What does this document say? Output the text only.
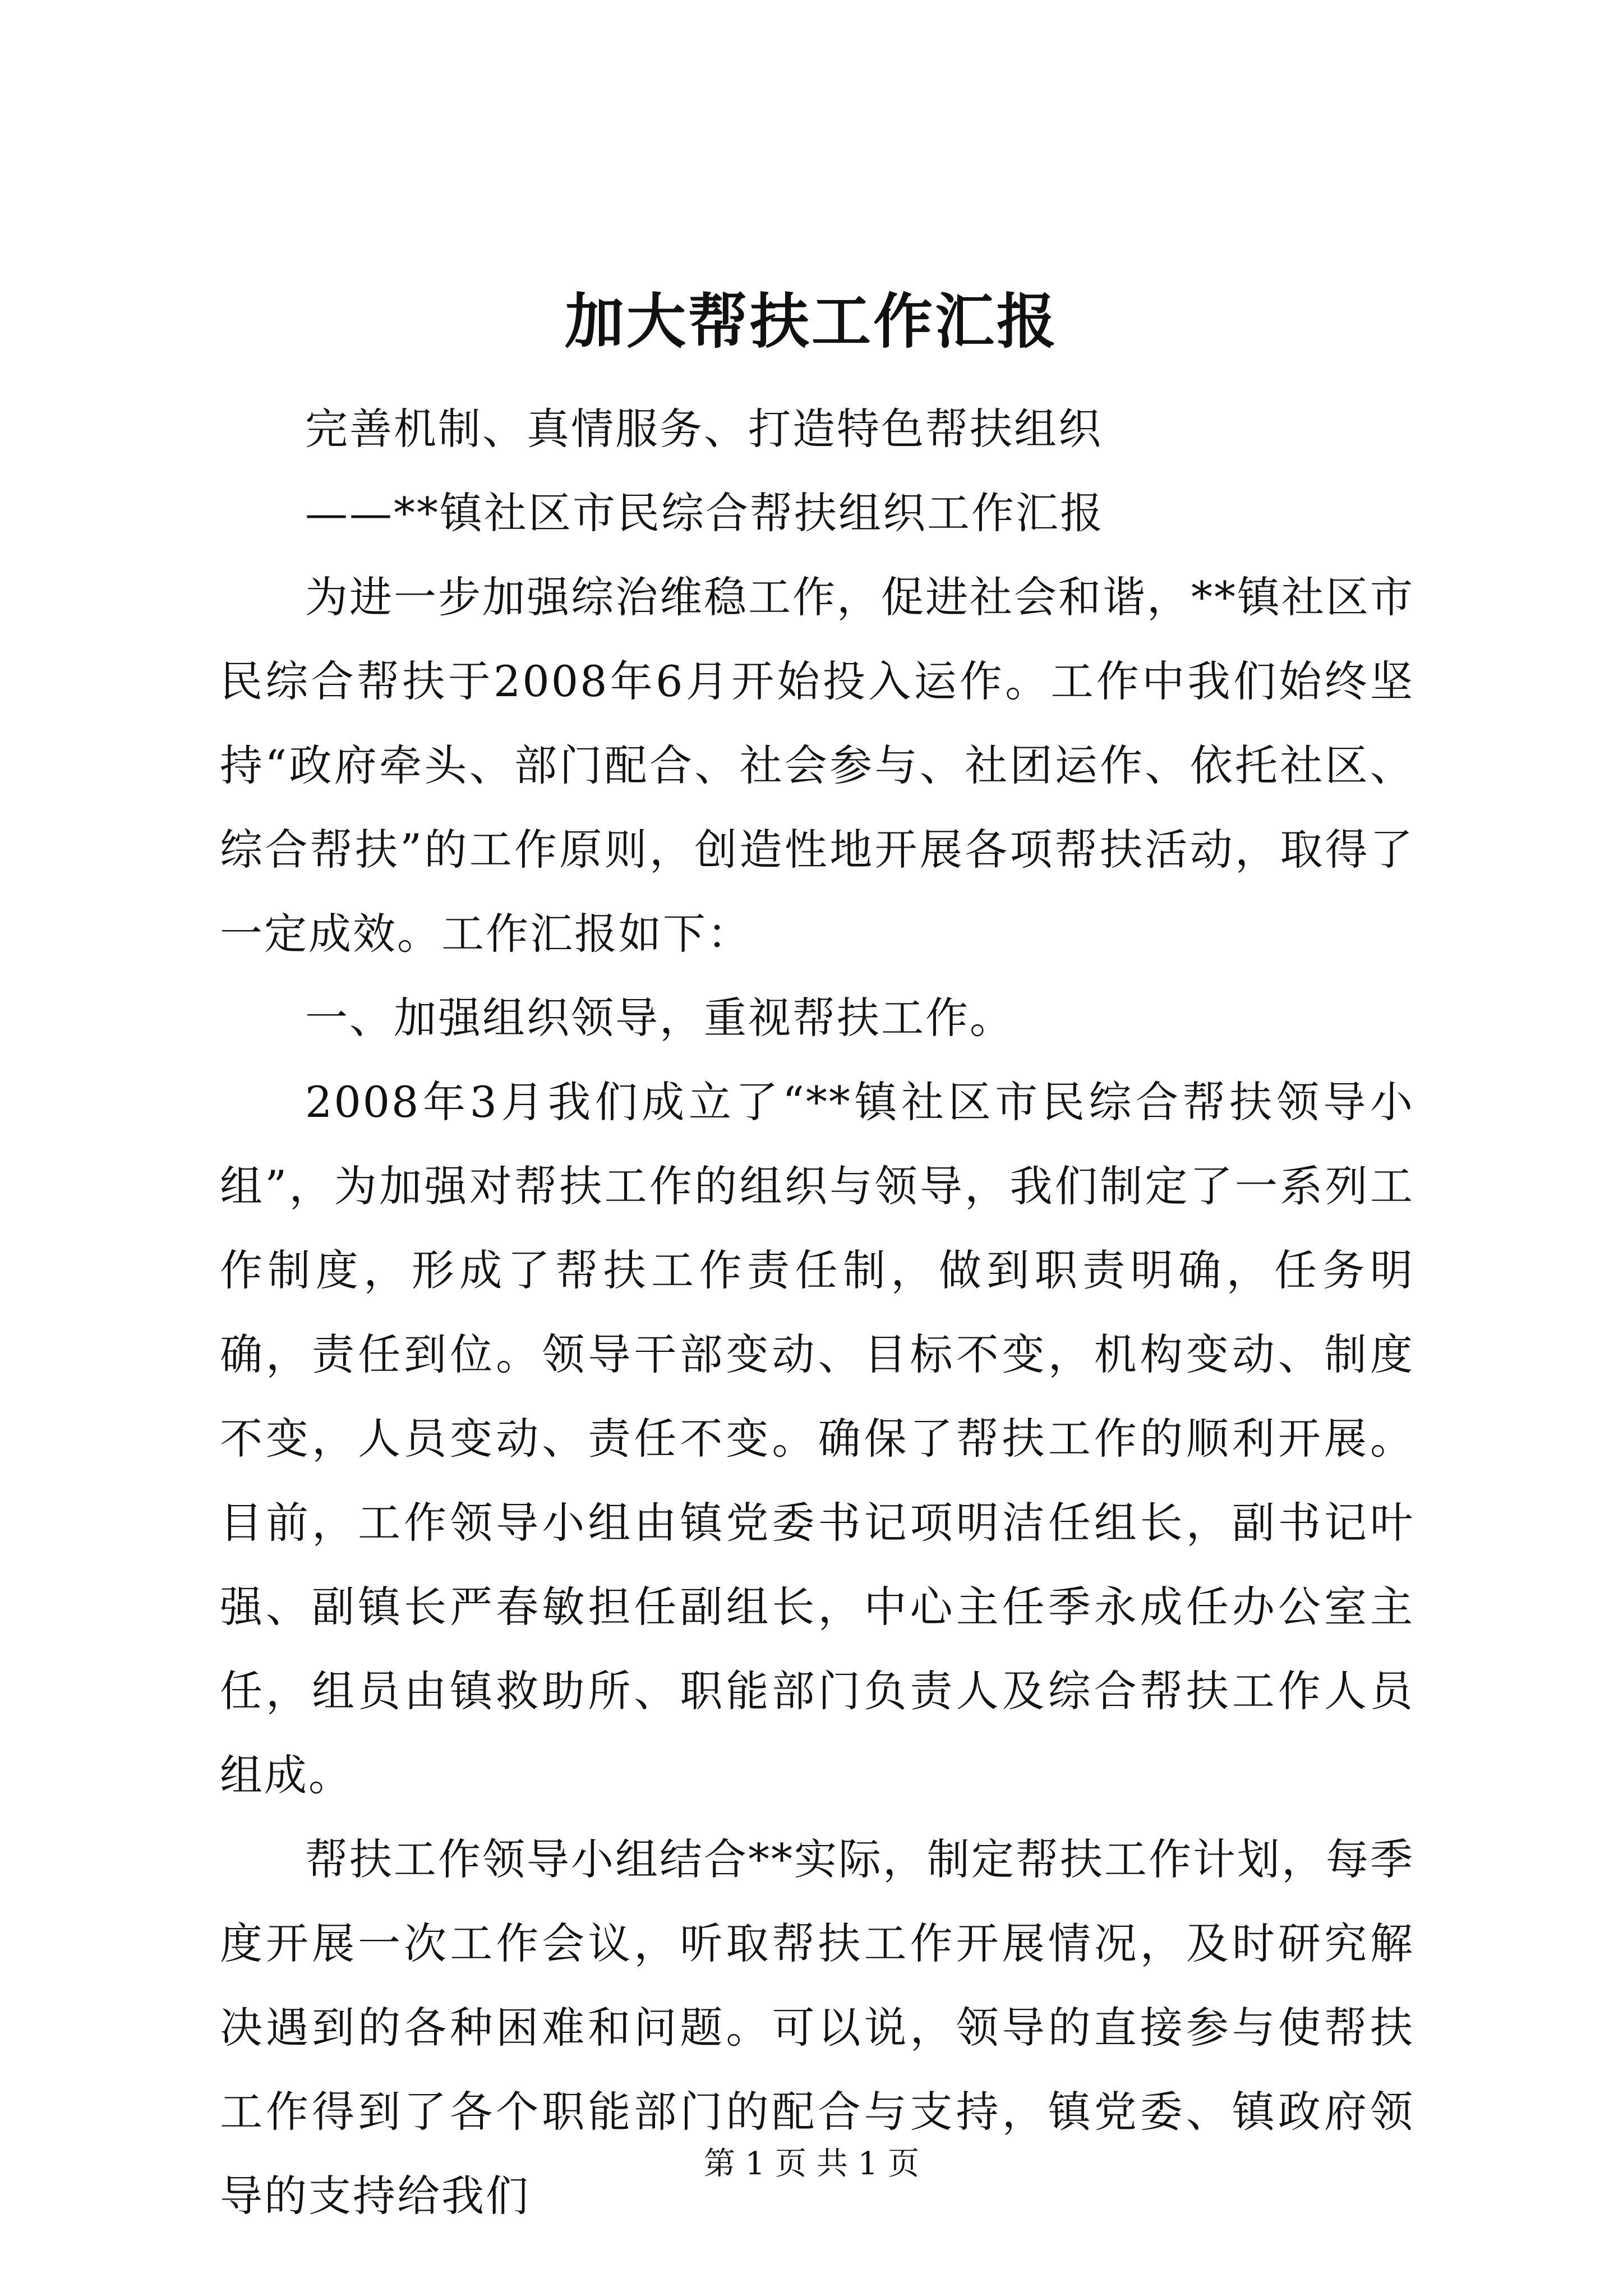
加大帮扶工作汇报

完善机制、真情服务、打造特色帮扶组织

——**镇社区市民综合帮扶组织工作汇报

为进一步加强综治维稳工作，促进社会和谐，**镇社区市民综合帮扶于2008年6月开始投入运作。工作中我们始终坚持“政府牵头、部门配合、社会参与、社团运作、依托社区、综合帮扶”的工作原则，创造性地开展各项帮扶活动，取得了一定成效。工作汇报如下：

一、加强组织领导，重视帮扶工作。

2008年3月我们成立了“**镇社区市民综合帮扶领导小组”，为加强对帮扶工作的组织与领导，我们制定了一系列工作制度，形成了帮扶工作责任制，做到职责明确，任务明确，责任到位。领导干部变动、目标不变，机构变动、制度不变，人员变动、责任不变。确保了帮扶工作的顺利开展。目前，工作领导小组由镇党委书记项明洁任组长，副书记叶强、副镇长严春敏担任副组长，中心主任季永成任办公室主任，组员由镇救助所、职能部门负责人及综合帮扶工作人员组成。

帮扶工作领导小组结合**实际，制定帮扶工作计划，每季度开展一次工作会议，听取帮扶工作开展情况，及时研究解决遇到的各种困难和问题。可以说，领导的直接参与使帮扶工作得到了各个职能部门的配合与支持，镇党委、镇政府领导的支持给我们

第 1 页 共 1 页
